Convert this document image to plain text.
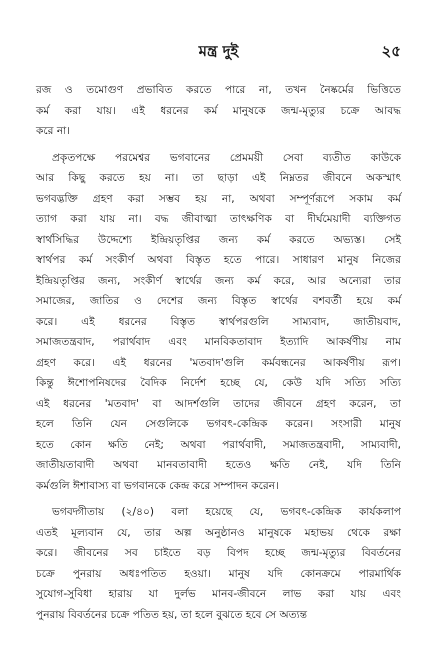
মন্ত্র দুই	২৫
রজ ও তমোগুণ প্রভাবিত করতে পারে না, তখন নৈষ্কর্মের ভিত্তিতে
কর্ম করা যায়। এই ধরনের কর্ম মানুষকে জন্ম-মৃত্যুর চক্রে আবদ্ধ
করে না।
প্রকৃতপক্ষে পরমেশ্বর ভগবানের প্রেমময়ী সেবা ব্যতীত কাউকে
আর কিছু করতে হয় না। তা ছাড়া এই নিম্নতর জীবনে অকস্মাৎ
ভগবদ্ভক্তি গ্রহণ করা সম্ভব হয় না, অথবা সম্পূর্ণরূপে সকাম কর্ম
ত্যাগ করা যায় না। বদ্ধ জীবাত্মা তাৎক্ষণিক বা দীর্ঘমেয়াদী ব্যক্তিগত
স্বার্থসিদ্ধির উদ্দেশ্যে ইন্দ্রিয়তৃপ্তির জন্য কর্ম করতে অভ্যস্ত। সেই
স্বার্থপর কর্ম সংকীর্ণ অথবা বিস্তৃত হতে পারে। সাধারণ মানুষ নিজের
ইন্দ্রিয়তৃপ্তির জন্য, সংকীর্ণ স্বার্থের জন্য কর্ম করে, আর অন্যেরা তার
সমাজের, জাতির ও দেশের জন্য বিস্তৃত স্বার্থের বশবর্তী হয়ে কর্ম
করে। এই ধরনের বিস্তৃত স্বার্থপরগুলি সাম্যবাদ, জাতীয়বাদ,
সমাজতন্ত্রবাদ, পরার্থবাদ এবং মানবিকতাবাদ ইত্যাদি আকর্ষণীয় নাম
গ্রহণ করে। এই ধরনের 'মতবাদ'গুলি কর্মবন্ধনের আকর্ষণীয় রূপ।
কিন্তু ঈশোপনিষদের বৈদিক নির্দেশ হচ্ছে যে, কেউ যদি সত্যি সত্যি
এই ধরনের 'মতবাদ' বা আদর্শগুলি তাদের জীবনে গ্রহণ করেন, তা
হলে তিনি যেন সেগুলিকে ভগবৎ-কেন্দ্রিক করেন। সংসারী মানুষ
হতে কোন ক্ষতি নেই; অথবা পরার্থবাদী, সমাজতন্ত্রবাদী, সাম্যবাদী,
জাতীয়তাবাদী অথবা মানবতাবাদী হতেও ক্ষতি নেই, যদি তিনি
কর্মগুলি ঈশাবাস্য বা ভগবানকে কেন্দ্র করে সম্পাদন করেন।
ভগবদ্গীতায় (২/৪০) বলা হয়েছে যে, ভগবৎ-কেন্দ্রিক কার্যকলাপ
এতই মূল্যবান যে, তার অল্প অনুষ্ঠানও মানুষকে মহাভয় থেকে রক্ষা
করে। জীবনের সব চাইতে বড় বিপদ হচ্ছে জন্ম-মৃত্যুর বিবর্তনের
চক্রে পুনরায় অধঃপতিত হওয়া। মানুষ যদি কোনক্রমে পারমার্থিক
সুযোগ-সুবিধা হারায় যা দুর্লভ মানব-জীবনে লাভ করা যায় এবং
পুনরায় বিবর্তনের চক্রে পতিত হয়, তা হলে বুঝতে হবে সে অত্যন্ত
